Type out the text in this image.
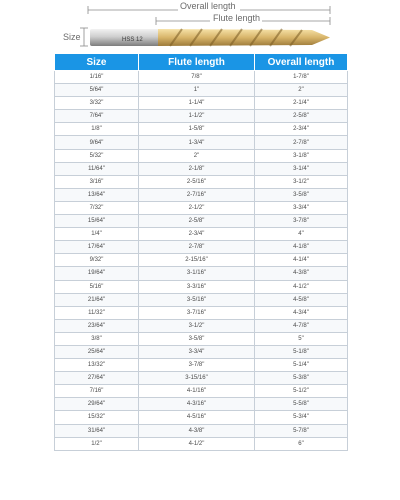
HSS 12
Overall length
Flute length
Size
Size	Flute length	Overall length
1/16"	7/8"	1-7/8"
5/64"	1"	2"
3/32"	1-1/4"	2-1/4"
7/64"	1-1/2"	2-5/8"
1/8"	1-5/8"	2-3/4"
9/64"	1-3/4"	2-7/8"
5/32"	2"	3-1/8"
11/64"	2-1/8"	3-1/4"
3/16"	2-5/16"	3-1/2"
13/64"	2-7/16"	3-5/8"
7/32"	2-1/2"	3-3/4"
15/64"	2-5/8"	3-7/8"
1/4"	2-3/4"	4"
17/64"	2-7/8"	4-1/8"
9/32"	2-15/16"	4-1/4"
19/64"	3-1/16"	4-3/8"
5/16"	3-3/16"	4-1/2"
21/64"	3-5/16"	4-5/8"
11/32"	3-7/16"	4-3/4"
23/64"	3-1/2"	4-7/8"
3/8"	3-5/8"	5"
25/64"	3-3/4"	5-1/8"
13/32"	3-7/8"	5-1/4"
27/64"	3-15/16"	5-3/8"
7/16"	4-1/16"	5-1/2"
29/64"	4-3/16"	5-5/8"
15/32"	4-5/16"	5-3/4"
31/64"	4-3/8"	5-7/8"
1/2"	4-1/2"	6"
